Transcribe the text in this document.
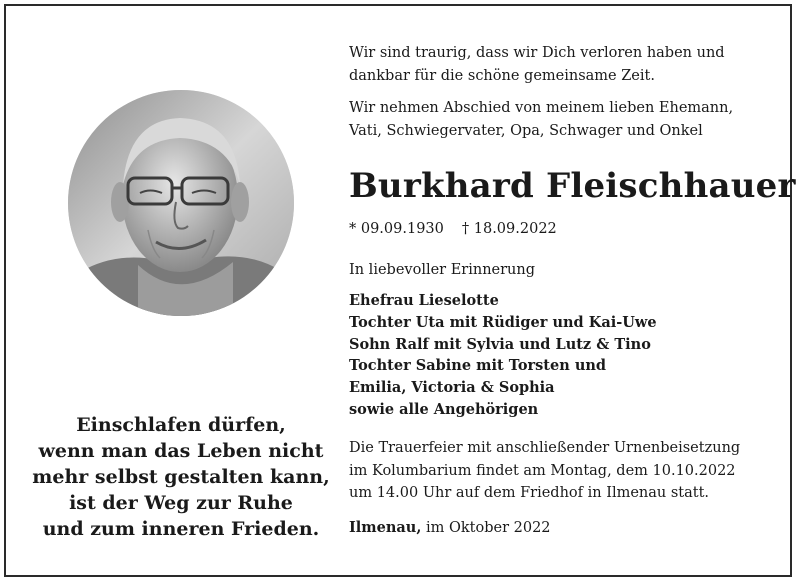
Einschlafen dürfen,
wenn man das Leben nicht
mehr selbst gestalten kann,
ist der Weg zur Ruhe
und zum inneren Frieden.
Wir sind traurig, dass wir Dich verloren haben und
dankbar für die schöne gemeinsame Zeit.
Wir nehmen Abschied von meinem lieben Ehemann,
Vati, Schwiegervater, Opa, Schwager und Onkel
Burkhard Fleischhauer
* 09.09.1930 † 18.09.2022
In liebevoller Erinnerung
Ehefrau Lieselotte
Tochter Uta mit Rüdiger und Kai-Uwe
Sohn Ralf mit Sylvia und Lutz & Tino
Tochter Sabine mit Torsten und
Emilia, Victoria & Sophia
sowie alle Angehörigen
Die Trauerfeier mit anschließender Urnenbeisetzung
im Kolumbarium findet am Montag, dem 10.10.2022
um 14.00 Uhr auf dem Friedhof in Ilmenau statt.
Ilmenau, im Oktober 2022
